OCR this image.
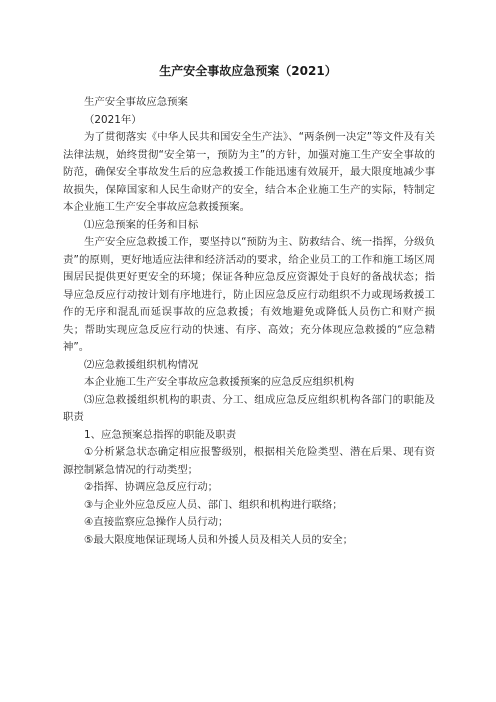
生产安全事故应急预案（2021）

生产安全事故应急预案

（2021年）

为了贯彻落实《中华人民共和国安全生产法》、“两条例一决定”等文件及有关法律法规，始终贯彻“安全第一，预防为主”的方针，加强对施工生产安全事故的防范，确保安全事故发生后的应急救援工作能迅速有效展开，最大限度地减少事故损失，保障国家和人民生命财产的安全，结合本企业施工生产的实际，特制定本企业施工生产安全事故应急救援预案。

⑴应急预案的任务和目标

生产安全应急救援工作，要坚持以“预防为主、防救结合、统一指挥，分级负责”的原则，更好地适应法律和经济活动的要求，给企业员工的工作和施工场区周围居民提供更好更安全的环境；保证各种应急反应资源处于良好的备战状态；指导应急反应行动按计划有序地进行，防止因应急反应行动组织不力或现场救援工作的无序和混乱而延误事故的应急救援；有效地避免或降低人员伤亡和财产损失；帮助实现应急反应行动的快速、有序、高效；充分体现应急救援的“应急精神”。

⑵应急救援组织机构情况

本企业施工生产安全事故应急救援预案的应急反应组织机构

⑶应急救援组织机构的职责、分工、组成应急反应组织机构各部门的职能及职责

1、应急预案总指挥的职能及职责

①分析紧急状态确定相应报警级别，根据相关危险类型、潜在后果、现有资源控制紧急情况的行动类型；

②指挥、协调应急反应行动；

③与企业外应急反应人员、部门、组织和机构进行联络；

④直接监察应急操作人员行动；

⑤最大限度地保证现场人员和外援人员及相关人员的安全；
